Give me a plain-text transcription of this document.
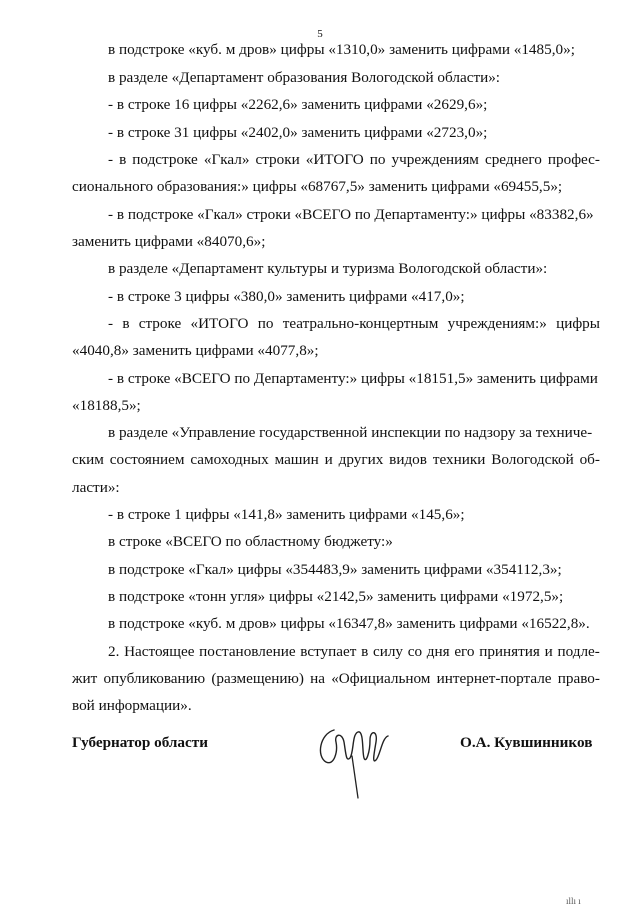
5
в подстроке «куб. м дров» цифры «1310,0» заменить цифрами «1485,0»;
в разделе «Департамент образования Вологодской области»:
- в строке 16 цифры «2262,6» заменить цифрами «2629,6»;
- в строке 31 цифры «2402,0» заменить цифрами «2723,0»;
- в подстроке «Гкал» строки «ИТОГО по учреждениям среднего профес-
сионального образования:» цифры «68767,5» заменить цифрами «69455,5»;
- в подстроке «Гкал» строки «ВСЕГО по Департаменту:» цифры «83382,6»
заменить цифрами «84070,6»;
в разделе «Департамент культуры и туризма Вологодской области»:
- в строке 3 цифры «380,0» заменить цифрами «417,0»;
- в строке «ИТОГО по театрально-концертным учреждениям:» цифры
«4040,8» заменить цифрами «4077,8»;
- в строке «ВСЕГО по Департаменту:» цифры «18151,5» заменить цифрами
«18188,5»;
в разделе «Управление государственной инспекции по надзору за техниче-
ским состоянием самоходных машин и других видов техники Вологодской об-
ласти»:
- в строке 1 цифры «141,8» заменить цифрами «145,6»;
в строке «ВСЕГО по областному бюджету:»
в подстроке «Гкал» цифры «354483,9» заменить цифрами «354112,3»;
в подстроке «тонн угля» цифры «2142,5» заменить цифрами «1972,5»;
в подстроке «куб. м дров» цифры «16347,8» заменить цифрами «16522,8».
2. Настоящее постановление вступает в силу со дня его принятия и подле-
жит опубликованию (размещению) на «Официальном интернет-портале право-
вой информации».
Губернатор области	О.А. Кувшинников
ıllı ı
